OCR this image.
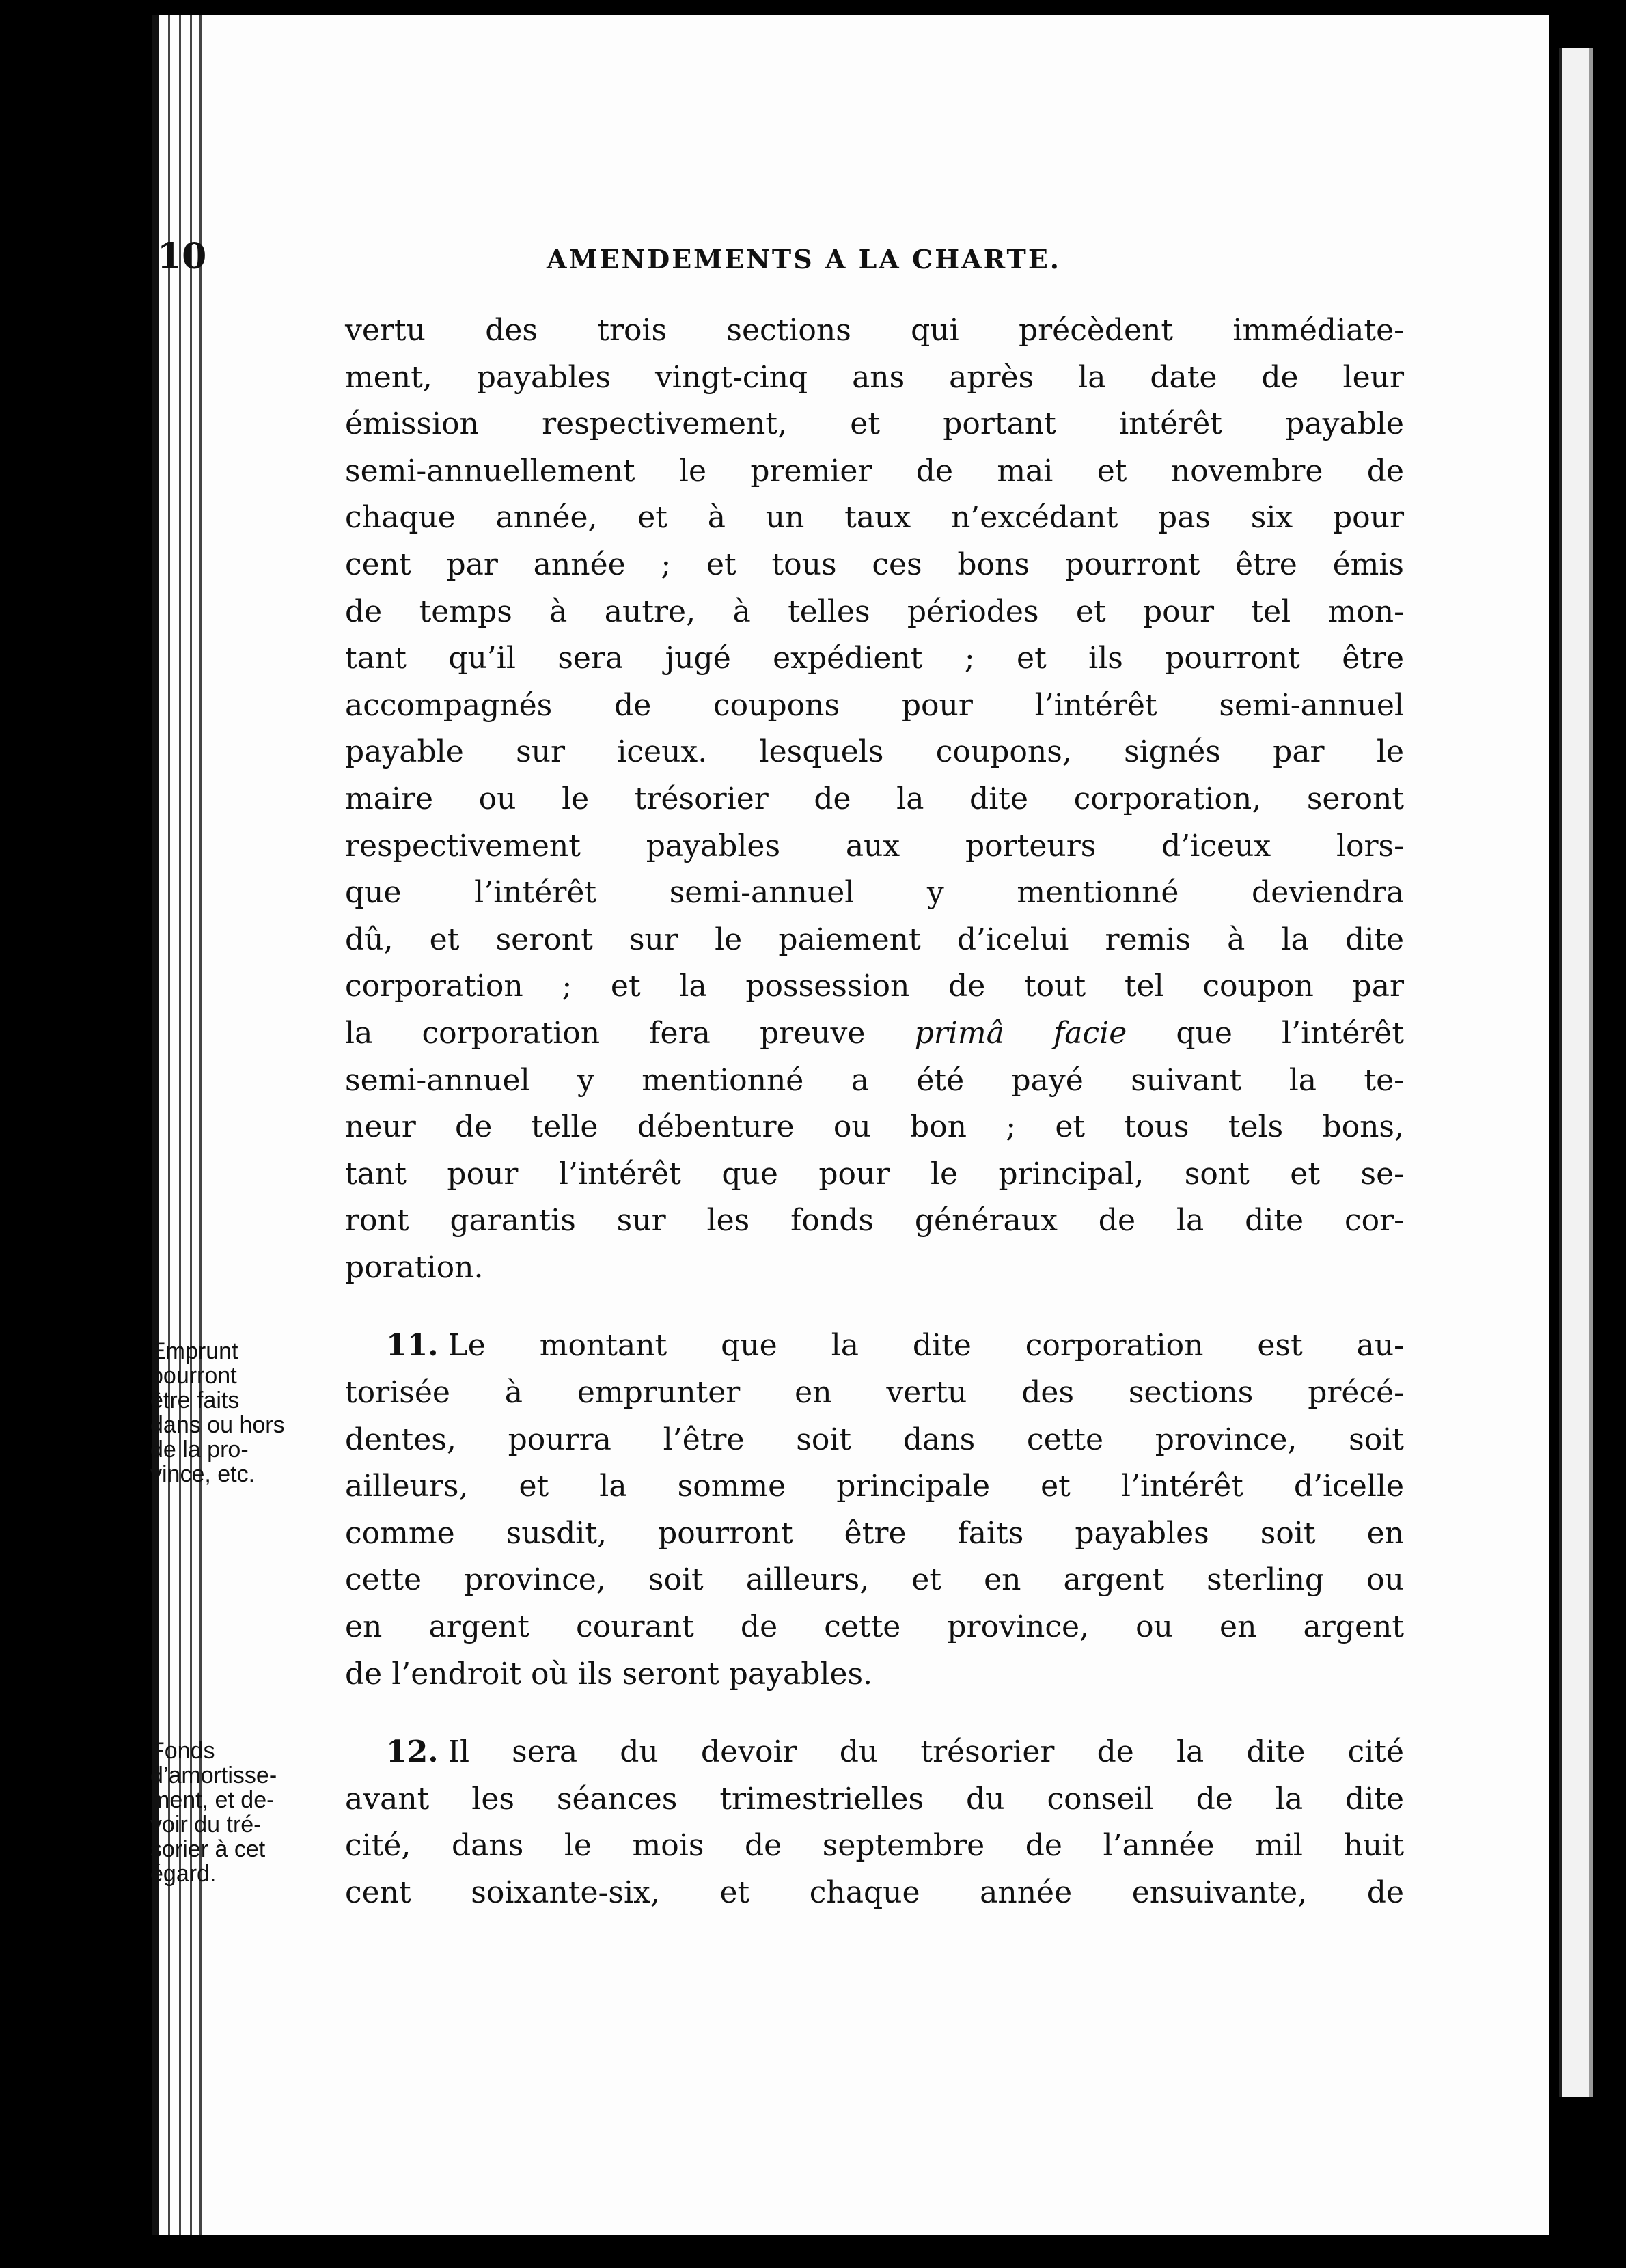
10	AMENDEMENTS A LA CHARTE.
vertu des trois sections qui précèdent immédiate-
ment, payables vingt-cinq ans après la date de leur
émission respectivement, et portant intérêt payable
semi-annuellement le premier de mai et novembre de
chaque année, et à un taux n’excédant pas six pour
cent par année ; et tous ces bons pourront être émis
de temps à autre, à telles périodes et pour tel mon-
tant qu’il sera jugé expédient ; et ils pourront être
accompagnés de coupons pour l’intérêt semi-annuel
payable sur iceux. lesquels coupons, signés par le
maire ou le trésorier de la dite corporation, seront
respectivement payables aux porteurs d’iceux lors-
que l’intérêt semi-annuel y mentionné deviendra
dû, et seront sur le paiement d’icelui remis à la dite
corporation ; et la possession de tout tel coupon par
la corporation fera preuve primâ facie que l’intérêt
semi-annuel y mentionné a été payé suivant la te-
neur de telle débenture ou bon ; et tous tels bons,
tant pour l’intérêt que pour le principal, sont et se-
ront garantis sur les fonds généraux de la dite cor-
poration.
11. Le montant que la dite corporation est au-
torisée à emprunter en vertu des sections précé-
dentes, pourra l’être soit dans cette province, soit
ailleurs, et la somme principale et l’intérêt d’icelle
comme susdit, pourront être faits payables soit en
cette province, soit ailleurs, et en argent sterling ou
en argent courant de cette province, ou en argent
de l’endroit où ils seront payables.
12. Il sera du devoir du trésorier de la dite cité
avant les séances trimestrielles du conseil de la dite
cité, dans le mois de septembre de l’année mil huit
cent soixante-six, et chaque année ensuivante, de
Emprunt
pourront
être faits
dans ou hors
de la pro-
vince, etc.
Fonds
d’amortisse-
ment, et de-
voir du tré-
sorier à cet
égard.
